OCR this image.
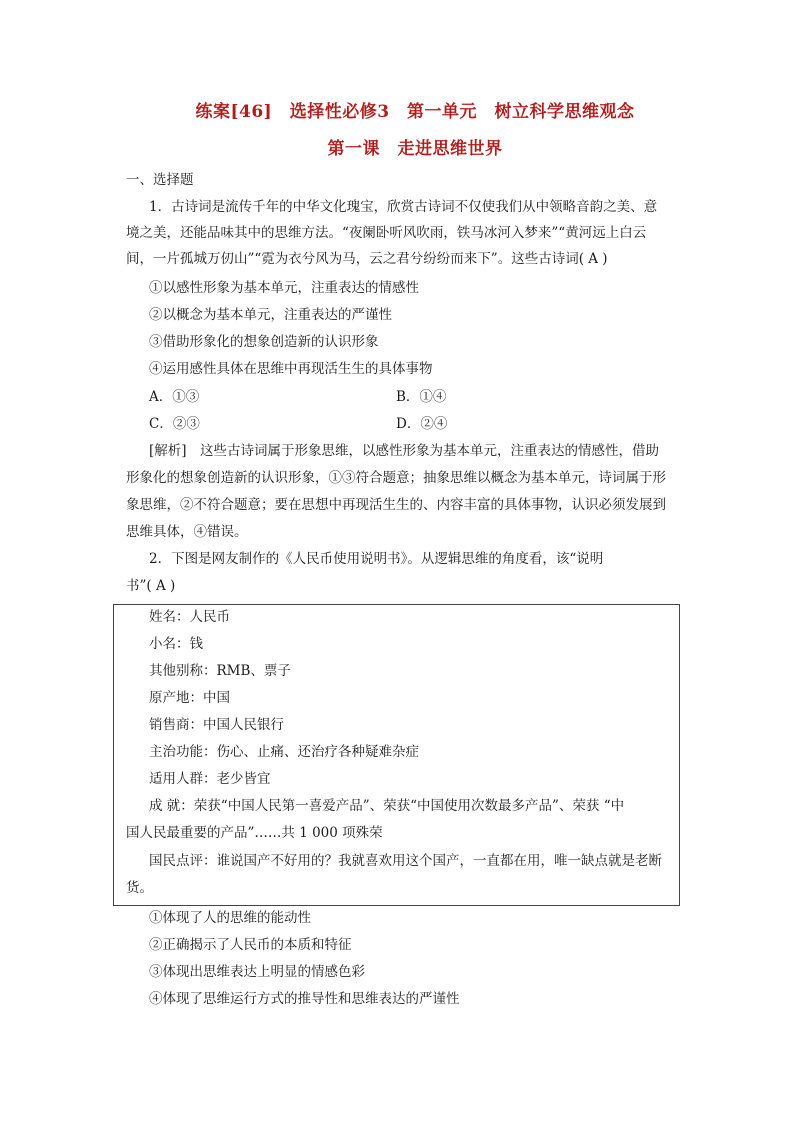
练案[46]　选择性必修3　第一单元　树立科学思维观念
第一课　走进思维世界
一、选择题
1．古诗词是流传千年的中华文化瑰宝，欣赏古诗词不仅使我们从中领略音韵之美、意
境之美，还能品味其中的思维方法。“夜阑卧听风吹雨，铁马冰河入梦来”“黄河远上白云
间，一片孤城万仞山”“霓为衣兮风为马，云之君兮纷纷而来下”。这些古诗词( A )
①以感性形象为基本单元，注重表达的情感性
②以概念为基本单元，注重表达的严谨性
③借助形象化的想象创造新的认识形象
④运用感性具体在思维中再现活生生的具体事物
A．①③	B．①④
C．②③	D．②④
[解析]　这些古诗词属于形象思维，以感性形象为基本单元，注重表达的情感性，借助
形象化的想象创造新的认识形象，①③符合题意；抽象思维以概念为基本单元，诗词属于形
象思维，②不符合题意；要在思想中再现活生生的、内容丰富的具体事物，认识必须发展到
思维具体，④错误。
2．下图是网友制作的《人民币使用说明书》。从逻辑思维的角度看，该“说明
书”( A )
姓名：人民币
小名：钱
其他别称：RMB、票子
原产地：中国
销售商：中国人民银行
主治功能：伤心、止痛、还治疗各种疑难杂症
适用人群：老少皆宜
成 就：荣获“中国人民第一喜爱产品”、荣获“中国使用次数最多产品”、荣获 “中
国人民最重要的产品”……共 1 000 项殊荣
国民点评：谁说国产不好用的？我就喜欢用这个国产，一直都在用，唯一缺点就是老断
货。
①体现了人的思维的能动性
②正确揭示了人民币的本质和特征
③体现出思维表达上明显的情感色彩
④体现了思维运行方式的推导性和思维表达的严谨性
